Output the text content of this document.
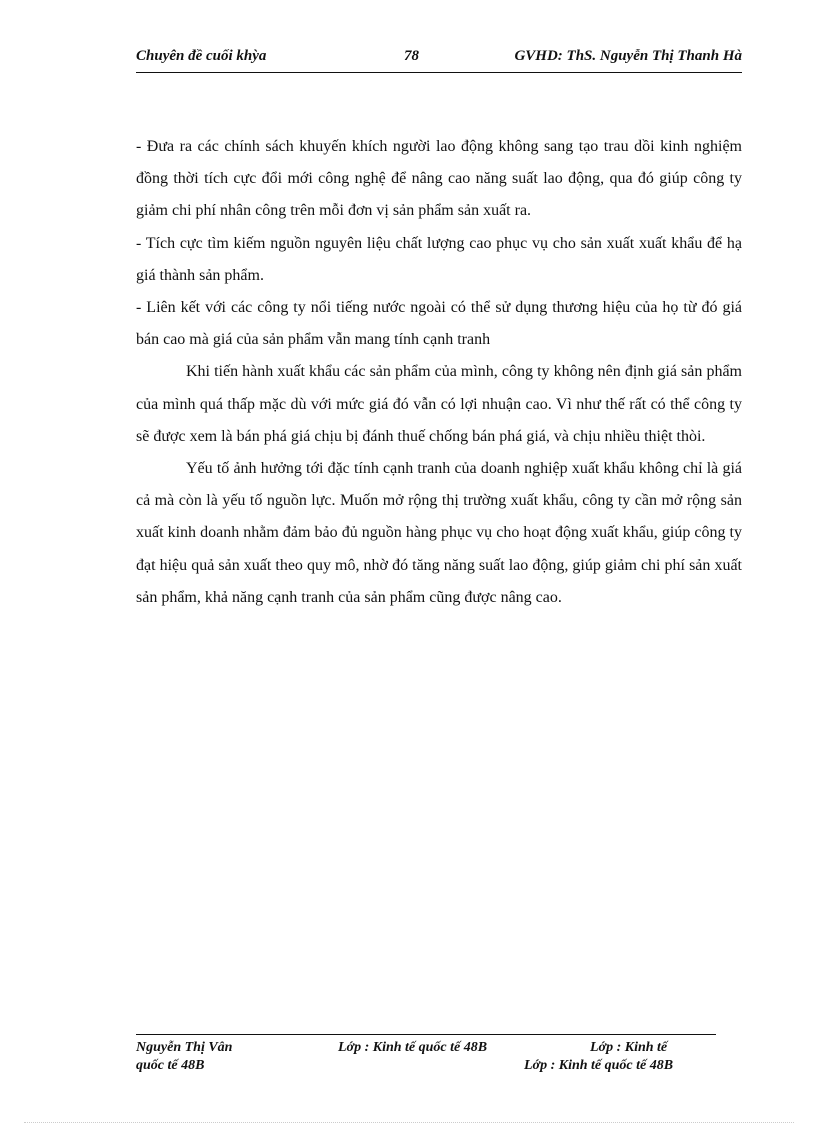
Chuyên đề cuối khỳa	78	GVHD: ThS. Nguyễn Thị Thanh Hà

- Đưa ra các chính sách khuyến khích người lao động không sang tạo trau dồi kinh nghiệm đồng thời tích cực đổi mới công nghệ để nâng cao năng suất lao động, qua đó giúp công ty giảm chi phí nhân công trên mỗi đơn vị sản phẩm sản xuất ra.

- Tích cực tìm kiếm nguồn nguyên liệu chất lượng cao phục vụ cho sản xuất xuất khẩu để hạ giá thành sản phẩm.

- Liên kết với các công ty nổi tiếng nước ngoài có thể sử dụng thương hiệu của họ từ đó giá bán cao mà giá của sản phẩm vẫn mang tính cạnh tranh

Khi tiến hành xuất khẩu các sản phẩm của mình, công ty không nên định giá sản phẩm của mình quá thấp mặc dù với mức giá đó vẫn có lợi nhuận cao. Vì như thế rất có thể công ty sẽ được xem là bán phá giá chịu bị đánh thuế chống bán phá giá, và chịu nhiều thiệt thòi.

Yếu tố ảnh hưởng tới đặc tính cạnh tranh của doanh nghiệp xuất khẩu không chỉ là giá cả mà còn là yếu tố nguồn lực. Muốn mở rộng thị trường xuất khẩu, công ty cần mở rộng sản xuất kinh doanh nhằm đảm bảo đủ nguồn hàng phục vụ cho hoạt động xuất khẩu, giúp công ty đạt hiệu quả sản xuất theo quy mô, nhờ đó tăng năng suất lao động, giúp giảm chi phí sản xuất sản phẩm, khả năng cạnh tranh của sản phẩm cũng được nâng cao.

Nguyễn Thị Vân	Lớp : Kinh tế quốc tế 48B	Lớp : Kinh tế
quốc tế 48B	Lớp : Kinh tế quốc tế 48B
